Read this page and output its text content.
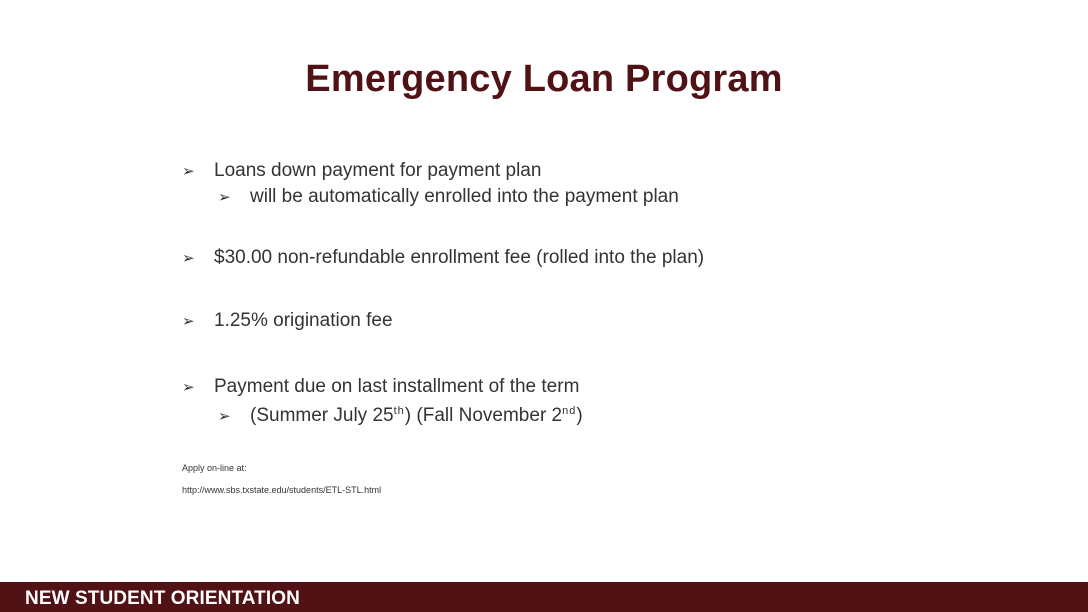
Emergency Loan Program
➢	Loans down payment for payment plan
➢	will be automatically enrolled into the payment plan
➢	$30.00 non-refundable enrollment fee (rolled into the plan)
➢	1.25% origination fee
➢	Payment due on last installment of the term
➢	(Summer July 25th) (Fall November 2nd)
Apply on-line at:
http://www.sbs.txstate.edu/students/ETL-STL.html
NEW STUDENT ORIENTATION
